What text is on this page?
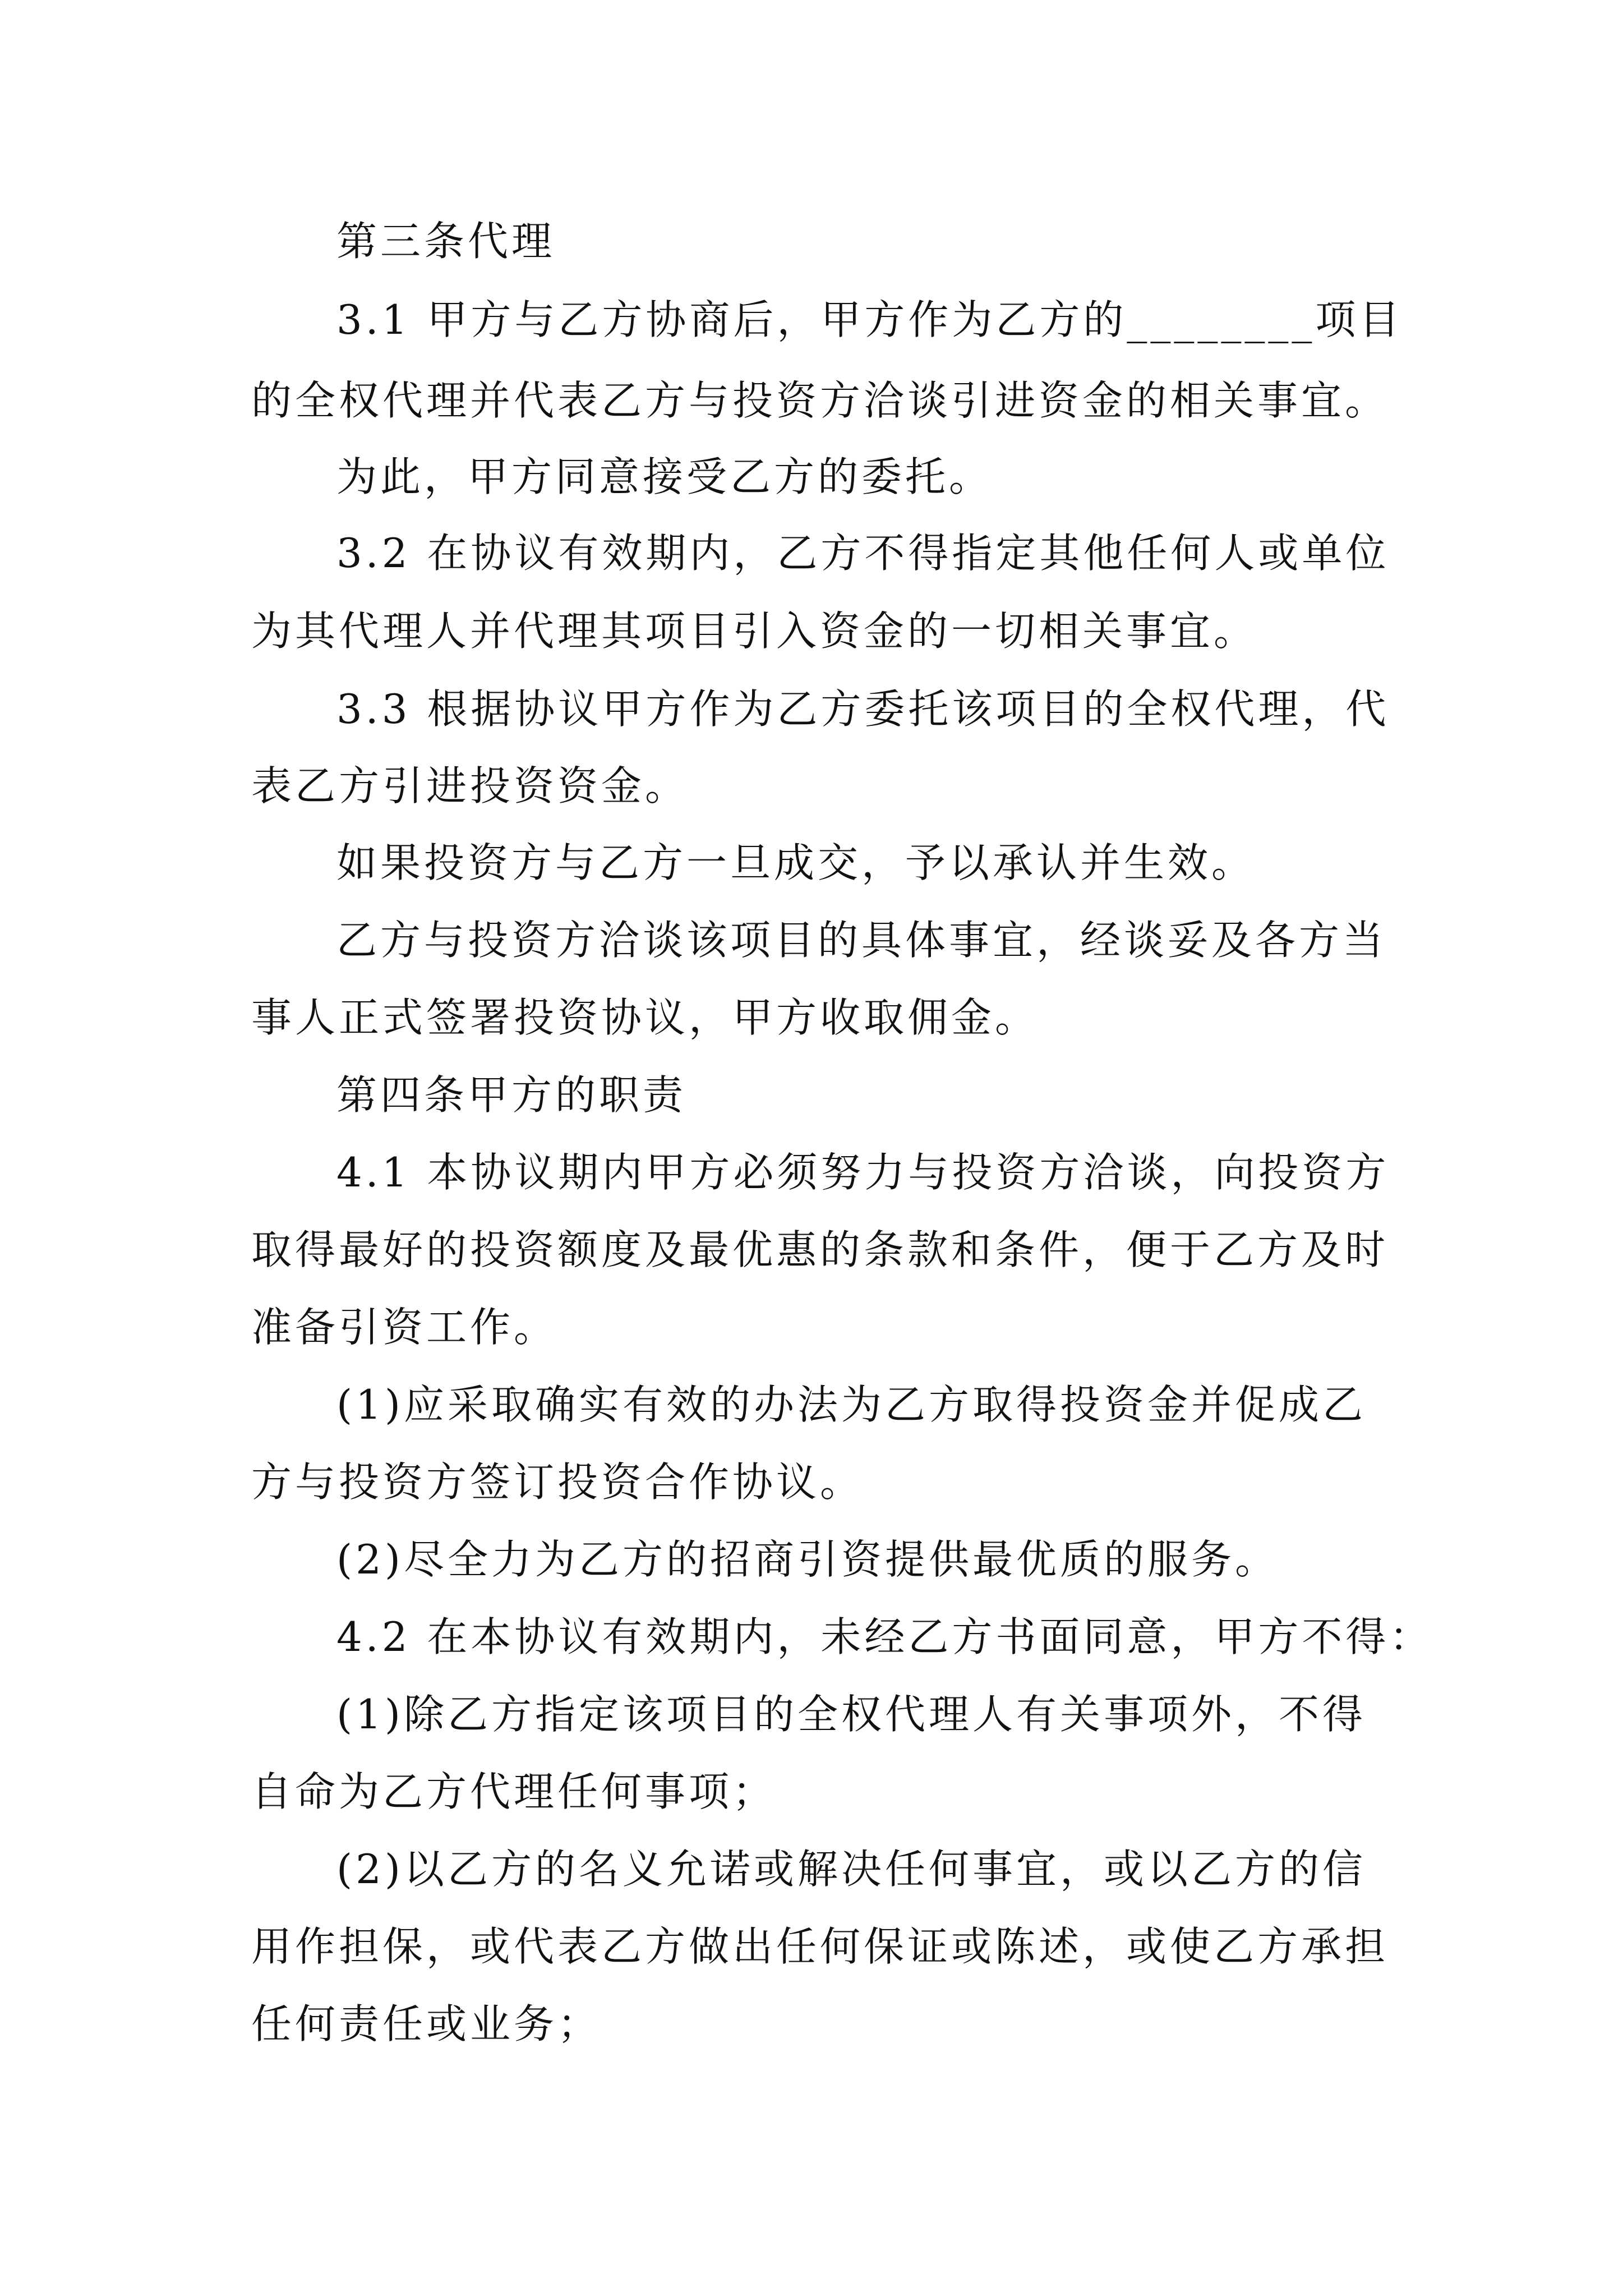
第三条代理
3.1 甲方与乙方协商后，甲方作为乙方的________项目
的全权代理并代表乙方与投资方洽谈引进资金的相关事宜。
为此，甲方同意接受乙方的委托。
3.2 在协议有效期内，乙方不得指定其他任何人或单位
为其代理人并代理其项目引入资金的一切相关事宜。
3.3 根据协议甲方作为乙方委托该项目的全权代理，代
表乙方引进投资资金。
如果投资方与乙方一旦成交，予以承认并生效。
乙方与投资方洽谈该项目的具体事宜，经谈妥及各方当
事人正式签署投资协议，甲方收取佣金。
第四条甲方的职责
4.1 本协议期内甲方必须努力与投资方洽谈，向投资方
取得最好的投资额度及最优惠的条款和条件，便于乙方及时
准备引资工作。
(1)应采取确实有效的办法为乙方取得投资金并促成乙
方与投资方签订投资合作协议。
(2)尽全力为乙方的招商引资提供最优质的服务。
4.2 在本协议有效期内，未经乙方书面同意，甲方不得：
(1)除乙方指定该项目的全权代理人有关事项外，不得
自命为乙方代理任何事项；
(2)以乙方的名义允诺或解决任何事宜，或以乙方的信
用作担保，或代表乙方做出任何保证或陈述，或使乙方承担
任何责任或业务；
